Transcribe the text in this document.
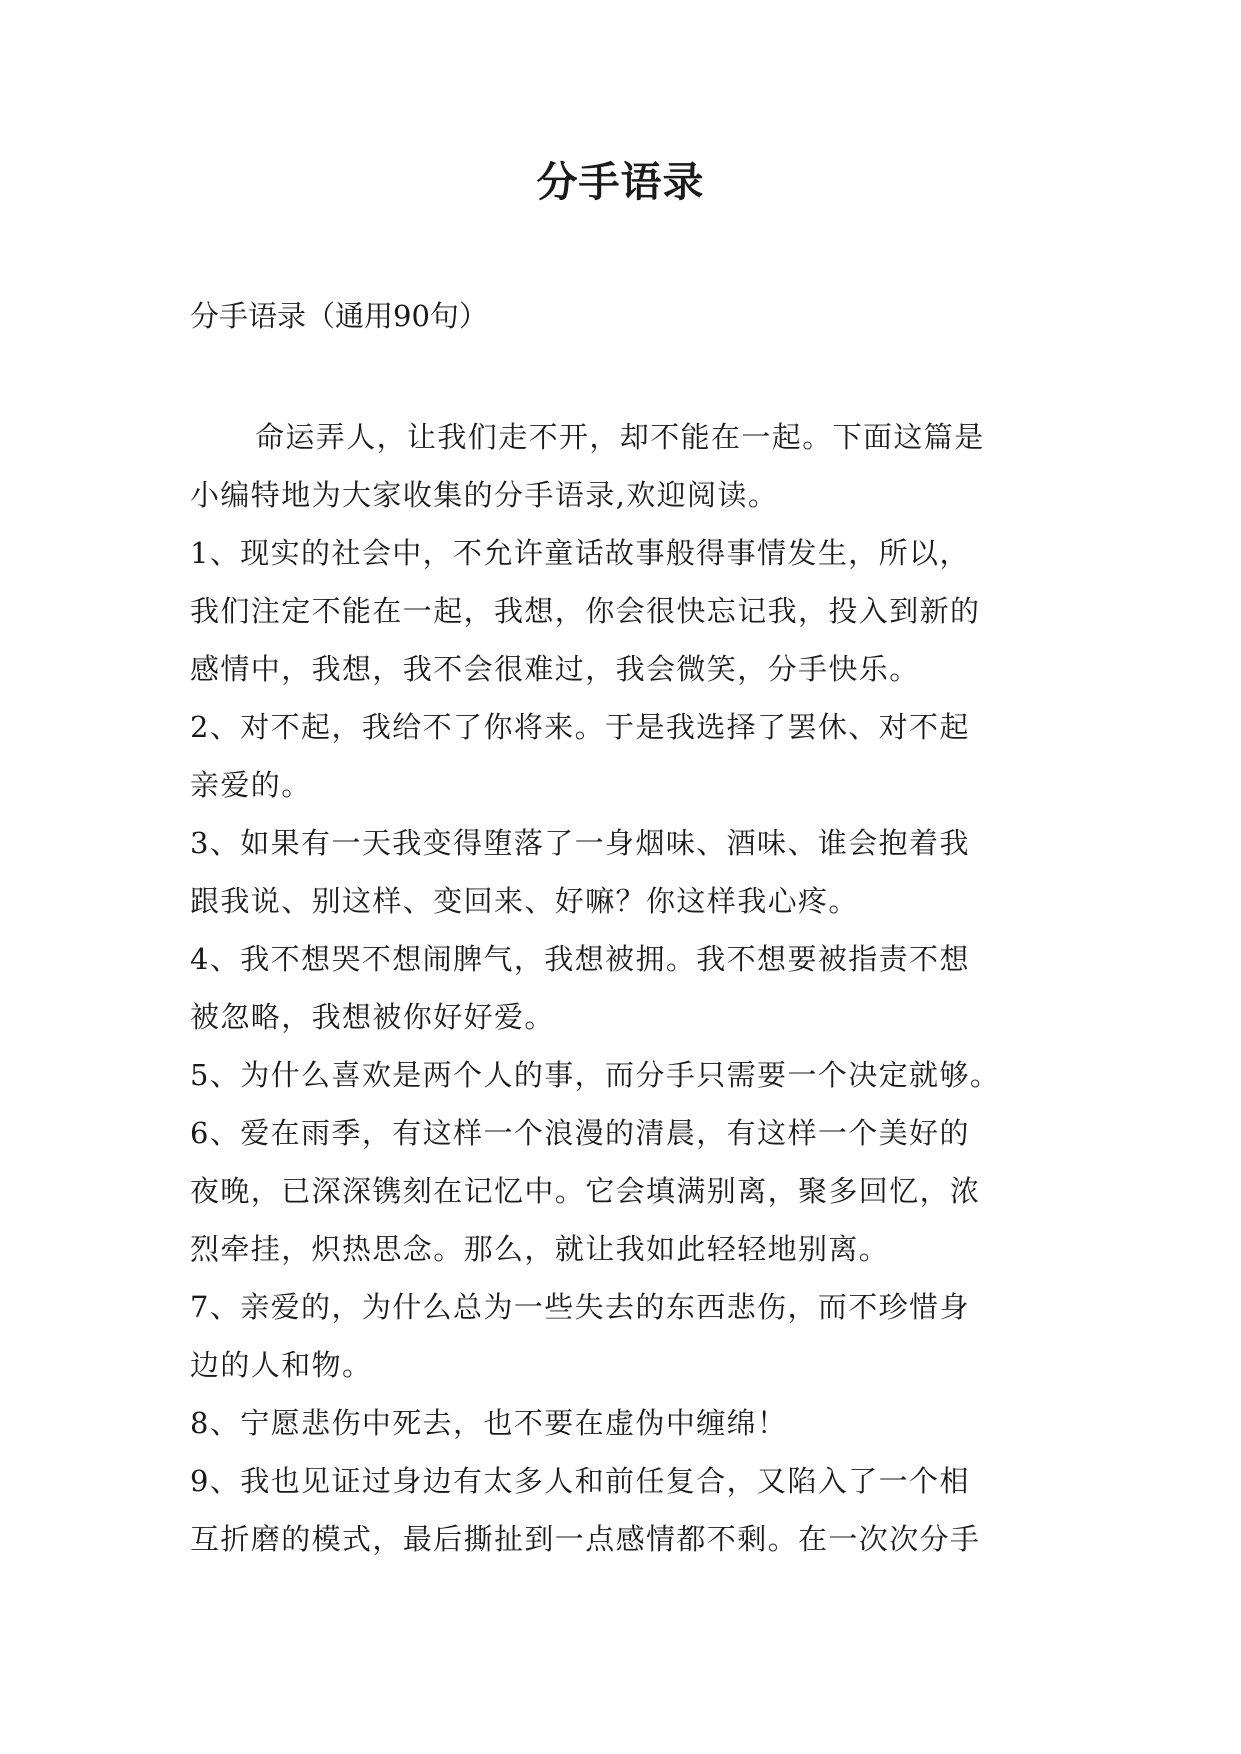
分手语录
分手语录（通用90句）
命运弄人，让我们走不开，却不能在一起。下面这篇是
小编特地为大家收集的分手语录,欢迎阅读。
1、现实的社会中，不允许童话故事般得事情发生，所以，
我们注定不能在一起，我想，你会很快忘记我，投入到新的
感情中，我想，我不会很难过，我会微笑，分手快乐。
2、对不起，我给不了你将来。于是我选择了罢休、对不起
亲爱的。
3、如果有一天我变得堕落了一身烟味、酒味、谁会抱着我
跟我说、别这样、变回来、好嘛？你这样我心疼。
4、我不想哭不想闹脾气，我想被拥。我不想要被指责不想
被忽略，我想被你好好爱。
5、为什么喜欢是两个人的事，而分手只需要一个决定就够。
6、爱在雨季，有这样一个浪漫的清晨，有这样一个美好的
夜晚，已深深镌刻在记忆中。它会填满别离，聚多回忆，浓
烈牵挂，炽热思念。那么，就让我如此轻轻地别离。
7、亲爱的，为什么总为一些失去的东西悲伤，而不珍惜身
边的人和物。
8、宁愿悲伤中死去，也不要在虚伪中缠绵！
9、我也见证过身边有太多人和前任复合，又陷入了一个相
互折磨的模式，最后撕扯到一点感情都不剩。在一次次分手
